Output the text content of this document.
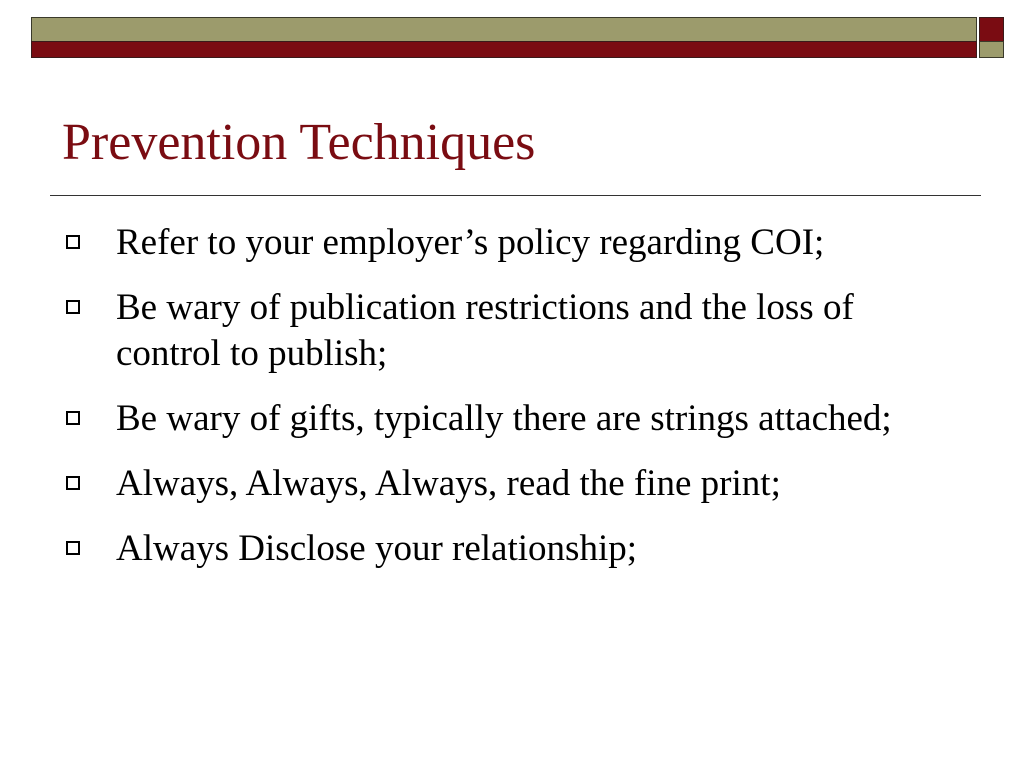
Prevention Techniques
Refer to your employer’s policy regarding COI;
Be wary of publication restrictions and the loss of control to publish;
Be wary of gifts, typically there are strings attached;
Always, Always, Always, read the fine print;
Always Disclose your relationship;
